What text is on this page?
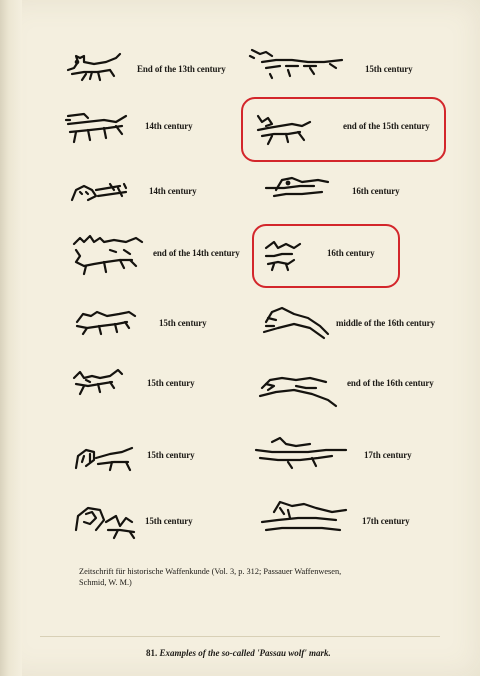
End of the 13th century
14th century
14th century
end of the 14th century
15th century
15th century
15th century
15th century
15th century
end of the 15th century
16th century
16th century
middle of the 16th century
end of the 16th century
17th century
17th century
Zeitschrift für historische Waffenkunde (Vol. 3, p. 312; Passauer Waffenwesen,
Schmid, W. M.)
81. Examples of the so-called 'Passau wolf' mark.
